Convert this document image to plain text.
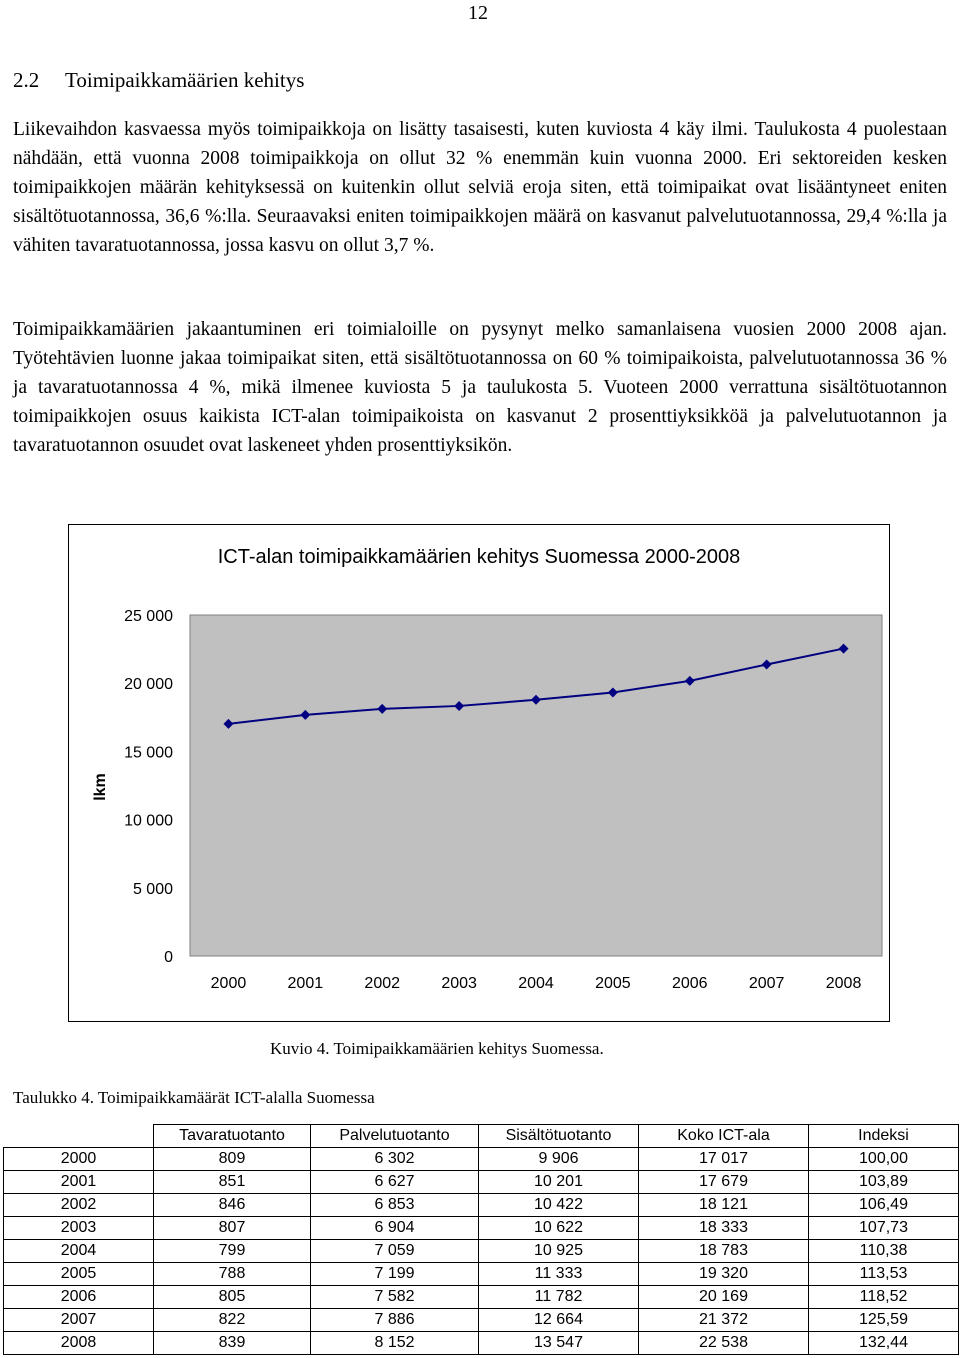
12
2.2 Toimipaikkamäärien kehitys

Liikevaihdon kasvaessa myös toimipaikkoja on lisätty tasaisesti, kuten kuviosta 4 käy ilmi. Taulukosta 4 puolestaan nähdään, että vuonna 2008 toimipaikkoja on ollut 32 % enemmän kuin vuonna 2000. Eri sektoreiden kesken toimipaikkojen määrän kehityksessä on kuitenkin ollut selviä eroja siten, että toimipaikat ovat lisääntyneet eniten sisältötuotannossa, 36,6 %:lla. Seuraavaksi eniten toimipaikkojen määrä on kasvanut palvelutuotannossa, 29,4 %:lla ja vähiten tavaratuotannossa, jossa kasvu on ollut 3,7 %.

Toimipaikkamäärien jakaantuminen eri toimialoille on pysynyt melko samanlaisena vuosien 2000 2008 ajan. Työtehtävien luonne jakaa toimipaikat siten, että sisältötuotannossa on 60 % toimipaikoista, palvelutuotannossa 36 % ja tavaratuotannossa 4 %, mikä ilmenee kuviosta 5 ja taulukosta 5. Vuoteen 2000 verrattuna sisältötuotannon toimipaikkojen osuus kaikista ICT-alan toimipaikoista on kasvanut 2 prosenttiyksikköä ja palvelutuotannon ja tavaratuotannon osuudet ovat laskeneet yhden prosenttiyksikön.

ICT-alan toimipaikkamäärien kehitys Suomessa 2000-2008
lkm
0
5 000
10 000
15 000
20 000
25 000
2000	2001	2002	2003	2004	2005	2006	2007	2008
Kuvio 4. Toimipaikkamäärien kehitys Suomessa.
Taulukko 4. Toimipaikkamäärät ICT-alalla Suomessa
	Tavaratuotanto	Palvelutuotanto	Sisältötuotanto	Koko ICT-ala	Indeksi
2000	809	6 302	9 906	17 017	100,00
2001	851	6 627	10 201	17 679	103,89
2002	846	6 853	10 422	18 121	106,49
2003	807	6 904	10 622	18 333	107,73
2004	799	7 059	10 925	18 783	110,38
2005	788	7 199	11 333	19 320	113,53
2006	805	7 582	11 782	20 169	118,52
2007	822	7 886	12 664	21 372	125,59
2008	839	8 152	13 547	22 538	132,44
